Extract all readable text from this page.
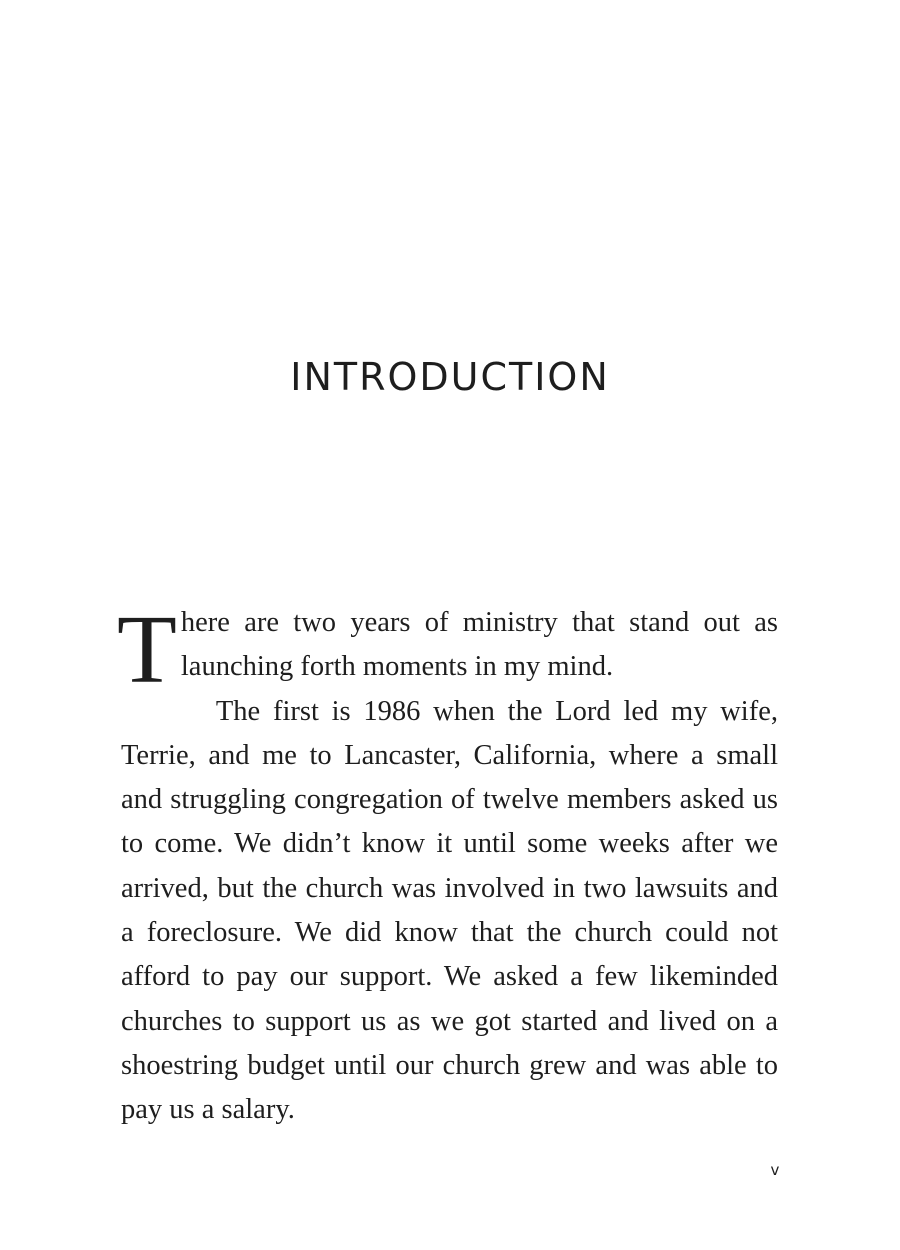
INTRODUCTION

There are two years of ministry that stand out as launching forth moments in my mind.

The first is 1986 when the Lord led my wife, Terrie, and me to Lancaster, California, where a small and struggling congregation of twelve members asked us to come. We didn’t know it until some weeks after we arrived, but the church was involved in two lawsuits and a foreclosure. We did know that the church could not afford to pay our support. We asked a few likeminded churches to support us as we got started and lived on a shoestring budget until our church grew and was able to pay us a salary.

v
